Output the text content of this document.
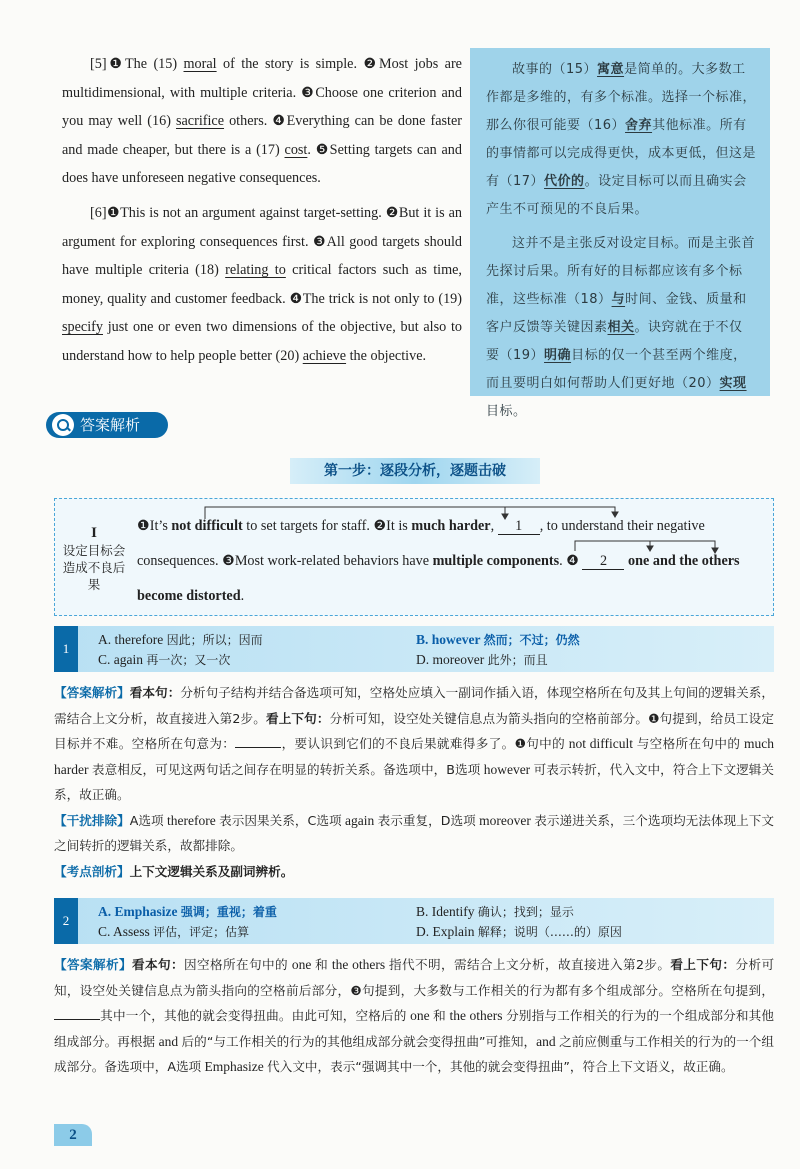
[5]❶The (15) moral of the story is simple. ❷Most jobs are multidimensional, with multiple criteria. ❸Choose one criterion and you may well (16) sacrifice others. ❹Everything can be done faster and made cheaper, but there is a (17) cost. ❺Setting targets can and does have unforeseen negative consequences.

[6]❶This is not an argument against target-setting. ❷But it is an argument for exploring consequences first. ❸All good targets should have multiple criteria (18) relating to critical factors such as time, money, quality and customer feedback. ❹The trick is not only to (19) specify just one or even two dimensions of the objective, but also to understand how to help people better (20) achieve the objective.

故事的（15）寓意是简单的。大多数工作都是多维的，有多个标准。选择一个标准，那么你很可能要（16）舍弃其他标准。所有的事情都可以完成得更快，成本更低，但这是有（17）代价的。设定目标可以而且确实会产生不可预见的不良后果。

这并不是主张反对设定目标。而是主张首先探讨后果。所有好的目标都应该有多个标准，这些标准（18）与时间、金钱、质量和客户反馈等关键因素相关。诀窍就在于不仅要（19）明确目标的仅一个甚至两个维度，而且要明白如何帮助人们更好地（20）实现目标。

答案解析
第一步：逐段分析，逐题击破
I
设定目标会造成不良后果
❶It’s not difficult to set targets for staff. ❷It is much harder, 1 , to understand their negative consequences. ❸Most work-related behaviors have multiple components. ❹ 2 one and the others become distorted.
1
A. therefore 因此；所以；因而	B. however 然而；不过；仍然
C. again 再一次；又一次	D. moreover 此外；而且
【答案解析】看本句：分析句子结构并结合备选项可知，空格处应填入一副词作插入语，体现空格所在句及其上句间的逻辑关系，需结合上文分析，故直接进入第2步。看上下句：分析可知，设空处关键信息点为箭头指向的空格前部分。❶句提到，给员工设定目标并不难。空格所在句意为：	，要认识到它们的不良后果就难得多了。❶句中的 not difficult 与空格所在句中的 much harder 表意相反，可见这两句话之间存在明显的转折关系。备选项中，B选项 however 可表示转折，代入文中，符合上下文逻辑关系，故正确。
【干扰排除】A选项 therefore 表示因果关系，C选项 again 表示重复，D选项 moreover 表示递进关系，三个选项均无法体现上下文之间转折的逻辑关系，故都排除。
【考点剖析】上下文逻辑关系及副词辨析。
2
A. Emphasize 强调；重视；着重	B. Identify 确认；找到；显示
C. Assess 评估，评定；估算	D. Explain 解释；说明（……的）原因
【答案解析】看本句：因空格所在句中的 one 和 the others 指代不明，需结合上文分析，故直接进入第2步。看上下句：分析可知，设空处关键信息点为箭头指向的空格前后部分，❸句提到，大多数与工作相关的行为都有多个组成部分。空格所在句提到，其中一个，其他的就会变得扭曲。由此可知，空格后的 one 和 the others 分别指与工作相关的行为的一个组成部分和其他组成部分。再根据 and 后的“与工作相关的行为的其他组成部分就会变得扭曲”可推知，and 之前应侧重与工作相关的行为的一个组成部分。备选项中，A选项 Emphasize 代入文中，表示“强调其中一个，其他的就会变得扭曲”，符合上下文语义，故正确。
2
